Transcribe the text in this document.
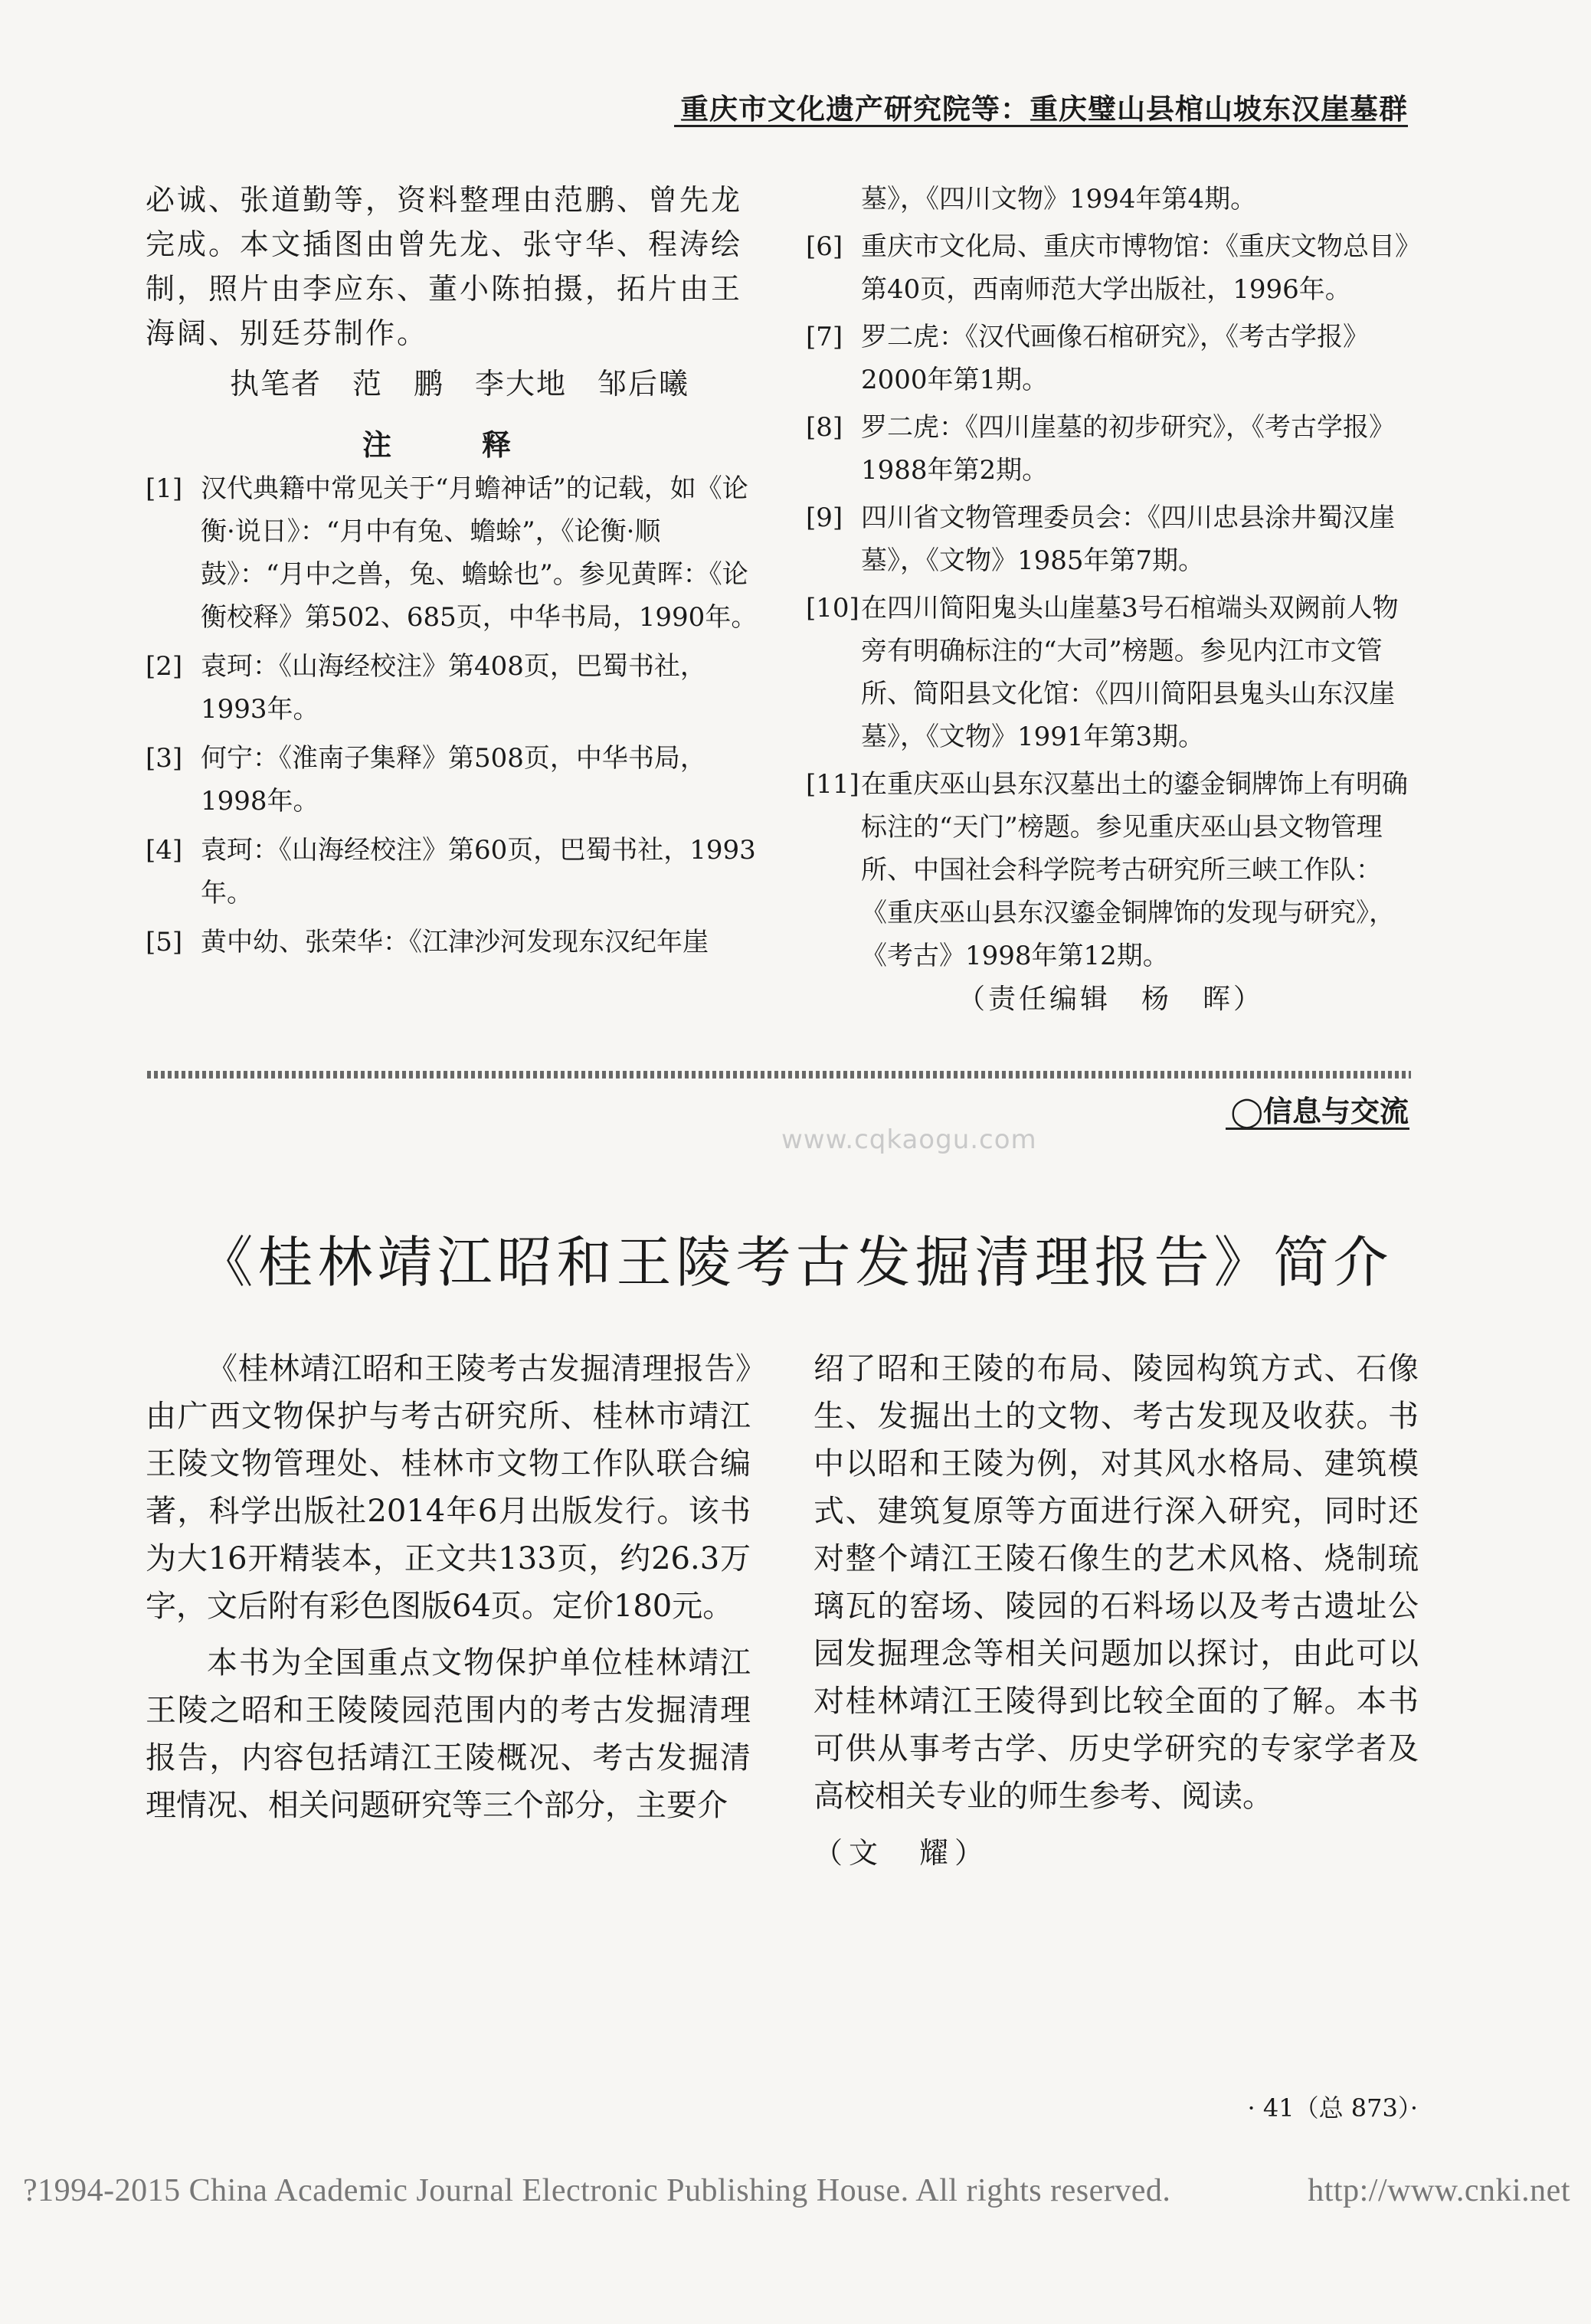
重庆市文化遗产研究院等：重庆璧山县棺山坡东汉崖墓群

必诚、张道勤等，资料整理由范鹏、曾先龙

完成。本文插图由曾先龙、张守华、程涛绘

制，照片由李应东、董小陈拍摄，拓片由王

海阔、别廷芬制作。

执笔者　范　鹏　李大地　邹后曦

注　释

[1] 汉代典籍中常见关于“月蟾神话”的记载，如《论衡·说日》：“月中有兔、蟾蜍”，《论衡·顺鼓》：“月中之兽，兔、蟾蜍也”。参见黄晖：《论衡校释》第502、685页，中华书局，1990年。
[2] 袁珂：《山海经校注》第408页，巴蜀书社，1993年。
[3] 何宁：《淮南子集释》第508页，中华书局，1998年。
[4] 袁珂：《山海经校注》第60页，巴蜀书社，1993年。
[5] 黄中幼、张荣华：《江津沙河发现东汉纪年崖
墓》，《四川文物》1994年第4期。
[6] 重庆市文化局、重庆市博物馆：《重庆文物总目》第40页，西南师范大学出版社，1996年。
[7] 罗二虎：《汉代画像石棺研究》，《考古学报》2000年第1期。
[8] 罗二虎：《四川崖墓的初步研究》，《考古学报》1988年第2期。
[9] 四川省文物管理委员会：《四川忠县涂井蜀汉崖墓》，《文物》1985年第7期。
[10] 在四川简阳鬼头山崖墓3号石棺端头双阙前人物旁有明确标注的“大司”榜题。参见内江市文管所、简阳县文化馆：《四川简阳县鬼头山东汉崖墓》，《文物》1991年第3期。
[11] 在重庆巫山县东汉墓出土的鎏金铜牌饰上有明确标注的“天门”榜题。参见重庆巫山县文物管理所、中国社会科学院考古研究所三峡工作队：《重庆巫山县东汉鎏金铜牌饰的发现与研究》，《考古》1998年第12期。

（责任编辑　杨　晖）

◯信息与交流
www.cqkaogu.com
《桂林靖江昭和王陵考古发掘清理报告》简介

《桂林靖江昭和王陵考古发掘清理报告》由广西文物保护与考古研究所、桂林市靖江王陵文物管理处、桂林市文物工作队联合编著，科学出版社2014年6月出版发行。该书为大16开精装本，正文共133页，约26.3万字，文后附有彩色图版64页。定价180元。

本书为全国重点文物保护单位桂林靖江王陵之昭和王陵陵园范围内的考古发掘清理报告，内容包括靖江王陵概况、考古发掘清理情况、相关问题研究等三个部分，主要介

绍了昭和王陵的布局、陵园构筑方式、石像生、发掘出土的文物、考古发现及收获。书中以昭和王陵为例，对其风水格局、建筑模式、建筑复原等方面进行深入研究，同时还对整个靖江王陵石像生的艺术风格、烧制琉璃瓦的窑场、陵园的石料场以及考古遗址公园发掘理念等相关问题加以探讨，由此可以对桂林靖江王陵得到比较全面的了解。本书可供从事考古学、历史学研究的专家学者及高校相关专业的师生参考、阅读。

（文　耀）

· 41（总 873）·
?1994-2015 China Academic Journal Electronic Publishing House. All rights reserved.	http://www.cnki.net
